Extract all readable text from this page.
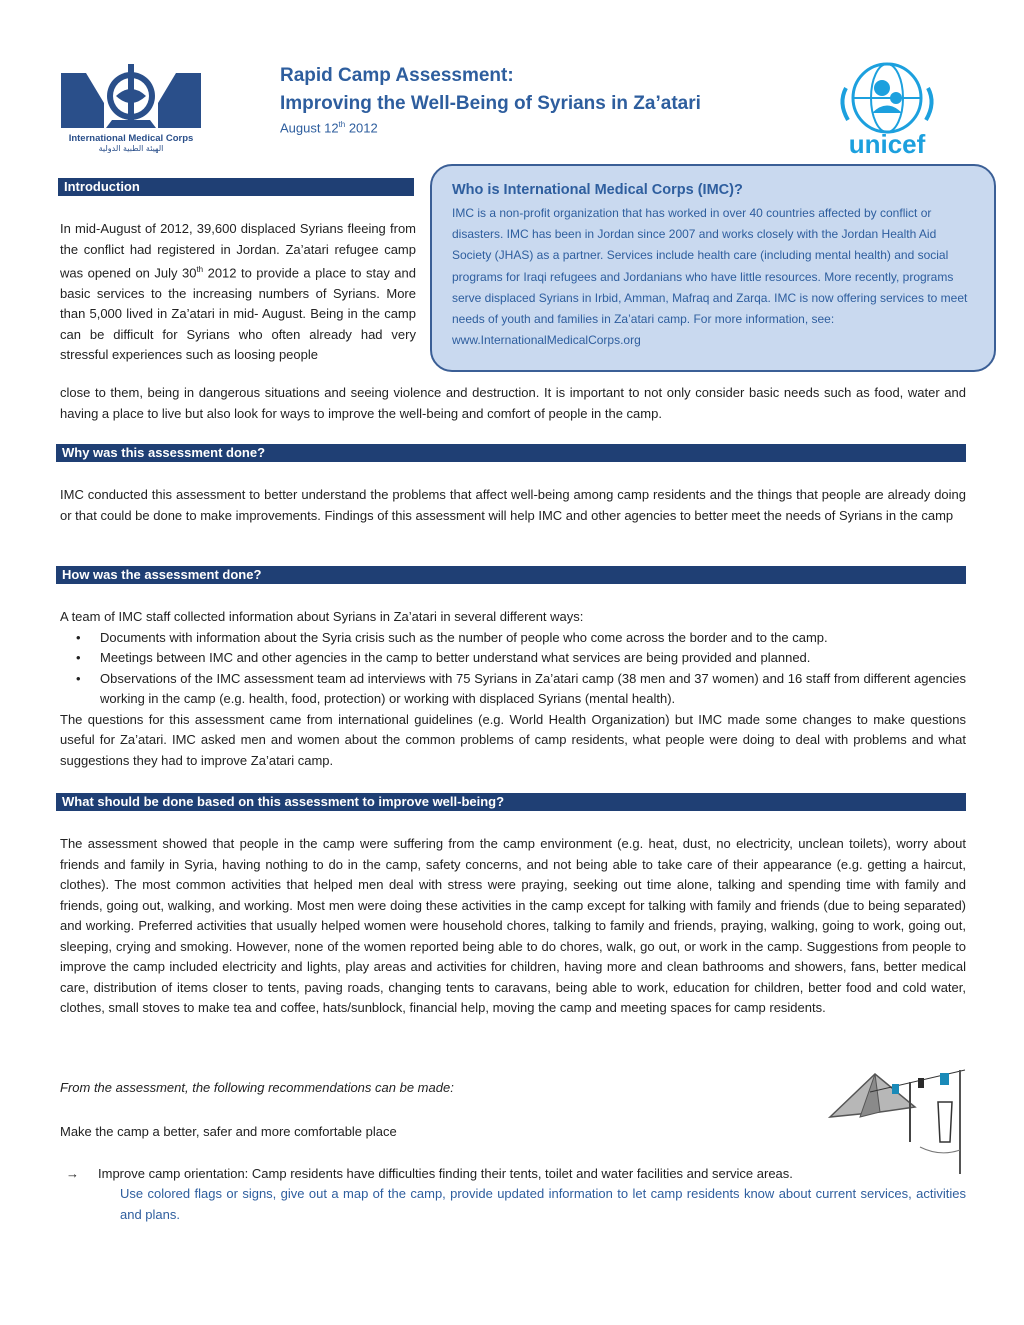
International Medical Corps
الهيئة الطبية الدولية
Rapid Camp Assessment:
Improving the Well-Being of Syrians in Za’atari
August 12th 2012
unicef
Introduction	Who is International Medical Corps (IMC)?
IMC is a non-profit organization that has worked in over 40 countries affected by conflict or disasters. IMC has been in Jordan since 2007 and works closely with the Jordan Health Aid Society (JHAS) as a partner. Services include health care (including mental health) and social programs for Iraqi refugees and Jordanians who have little resources. More recently, programs serve displaced Syrians in Irbid, Amman, Mafraq and Zarqa. IMC is now offering services to meet needs of youth and families in Za’atari camp. For more information, see: www.InternationalMedicalCorps.org
In mid-August of 2012, 39,600 displaced Syrians fleeing from the conflict had registered in Jordan. Za’atari refugee camp was opened on July 30th 2012 to provide a place to stay and basic services to the increasing numbers of Syrians. More than 5,000 lived in Za’atari in mid- August. Being in the camp can be difficult for Syrians who often already had very stressful experiences such as loosing people
close to them, being in dangerous situations and seeing violence and destruction. It is important to not only consider basic needs such as food, water and having a place to live but also look for ways to improve the well-being and comfort of people in the camp.
Why was this assessment done?
IMC conducted this assessment to better understand the problems that affect well-being among camp residents and the things that people are already doing or that could be done to make improvements. Findings of this assessment will help IMC and other agencies to better meet the needs of Syrians in the camp
How was the assessment done?
A team of IMC staff collected information about Syrians in Za’atari in several different ways:
• Documents with information about the Syria crisis such as the number of people who come across the border and to the camp.
• Meetings between IMC and other agencies in the camp to better understand what services are being provided and planned.
• Observations of the IMC assessment team ad interviews with 75 Syrians in Za’atari camp (38 men and 37 women) and 16 staff from different agencies working in the camp (e.g. health, food, protection) or working with displaced Syrians (mental health).
The questions for this assessment came from international guidelines (e.g. World Health Organization) but IMC made some changes to make questions useful for Za’atari. IMC asked men and women about the common problems of camp residents, what people were doing to deal with problems and what suggestions they had to improve Za’atari camp.
What should be done based on this assessment to improve well-being?
The assessment showed that people in the camp were suffering from the camp environment (e.g. heat, dust, no electricity, unclean toilets), worry about friends and family in Syria, having nothing to do in the camp, safety concerns, and not being able to take care of their appearance (e.g. getting a haircut, clothes). The most common activities that helped men deal with stress were praying, seeking out time alone, talking and spending time with family and friends, going out, walking, and working. Most men were doing these activities in the camp except for talking with family and friends (due to being separated) and working. Preferred activities that usually helped women were household chores, talking to family and friends, praying, walking, going to work, going out, sleeping, crying and smoking. However, none of the women reported being able to do chores, walk, go out, or work in the camp. Suggestions from people to improve the camp included electricity and lights, play areas and activities for children, having more and clean bathrooms and showers, fans, better medical care, distribution of items closer to tents, paving roads, changing tents to caravans, being able to work, education for children, better food and cold water, clothes, small stoves to make tea and coffee, hats/sunblock, financial help, moving the camp and meeting spaces for camp residents.
From the assessment, the following recommendations can be made:
Make the camp a better, safer and more comfortable place
→	Improve camp orientation: Camp residents have difficulties finding their tents, toilet and water facilities and service areas.
Use colored flags or signs, give out a map of the camp, provide updated information to let camp residents know about current services, activities and plans.
